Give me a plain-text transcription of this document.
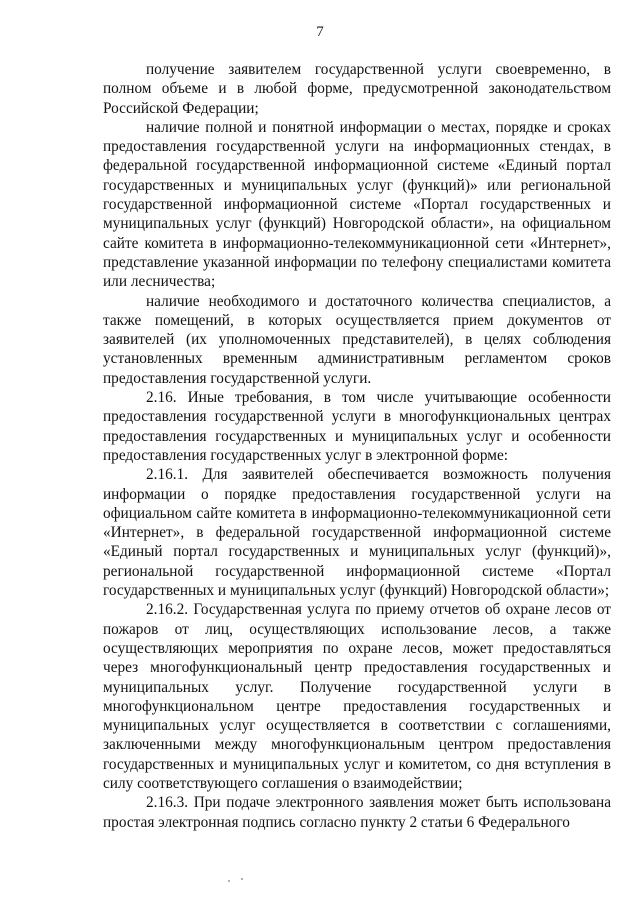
7

получение заявителем государственной услуги своевременно, в полном объеме и в любой форме, предусмотренной законодательством Российской Федерации;

наличие полной и понятной информации о местах, порядке и сроках предоставления государственной услуги на информационных стендах, в федеральной государственной информационной системе «Единый портал государственных и муниципальных услуг (функций)» или региональной государственной информационной системе «Портал государственных и муниципальных услуг (функций) Новгородской области», на официальном сайте комитета в информационно-телекоммуникационной сети «Интернет», представление указанной информации по телефону специалистами комитета или лесничества;

наличие необходимого и достаточного количества специалистов, а также помещений, в которых осуществляется прием документов от заявителей (их уполномоченных представителей), в целях соблюдения установленных временным административным регламентом сроков предоставления государственной услуги.

2.16. Иные требования, в том числе учитывающие особенности предоставления государственной услуги в многофункциональных центрах предоставления государственных и муниципальных услуг и особенности предоставления государственных услуг в электронной форме:

2.16.1. Для заявителей обеспечивается возможность получения информации о порядке предоставления государственной услуги на официальном сайте комитета в информационно-телекоммуникационной сети «Интернет», в федеральной государственной информационной системе «Единый портал государственных и муниципальных услуг (функций)», региональной государственной информационной системе «Портал государственных и муниципальных услуг (функций) Новгородской области»;

2.16.2. Государственная услуга по приему отчетов об охране лесов от пожаров от лиц, осуществляющих использование лесов, а также осуществляющих мероприятия по охране лесов, может предоставляться через многофункциональный центр предоставления государственных и муниципальных услуг. Получение государственной услуги в многофункциональном центре предоставления государственных и муниципальных услуг осуществляется в соответствии с соглашениями, заключенными между многофункциональным центром предоставления государственных и муниципальных услуг и комитетом, со дня вступления в силу соответствующего соглашения о взаимодействии;

2.16.3. При подаче электронного заявления может быть использована простая электронная подпись согласно пункту 2 статьи 6 Федерального
